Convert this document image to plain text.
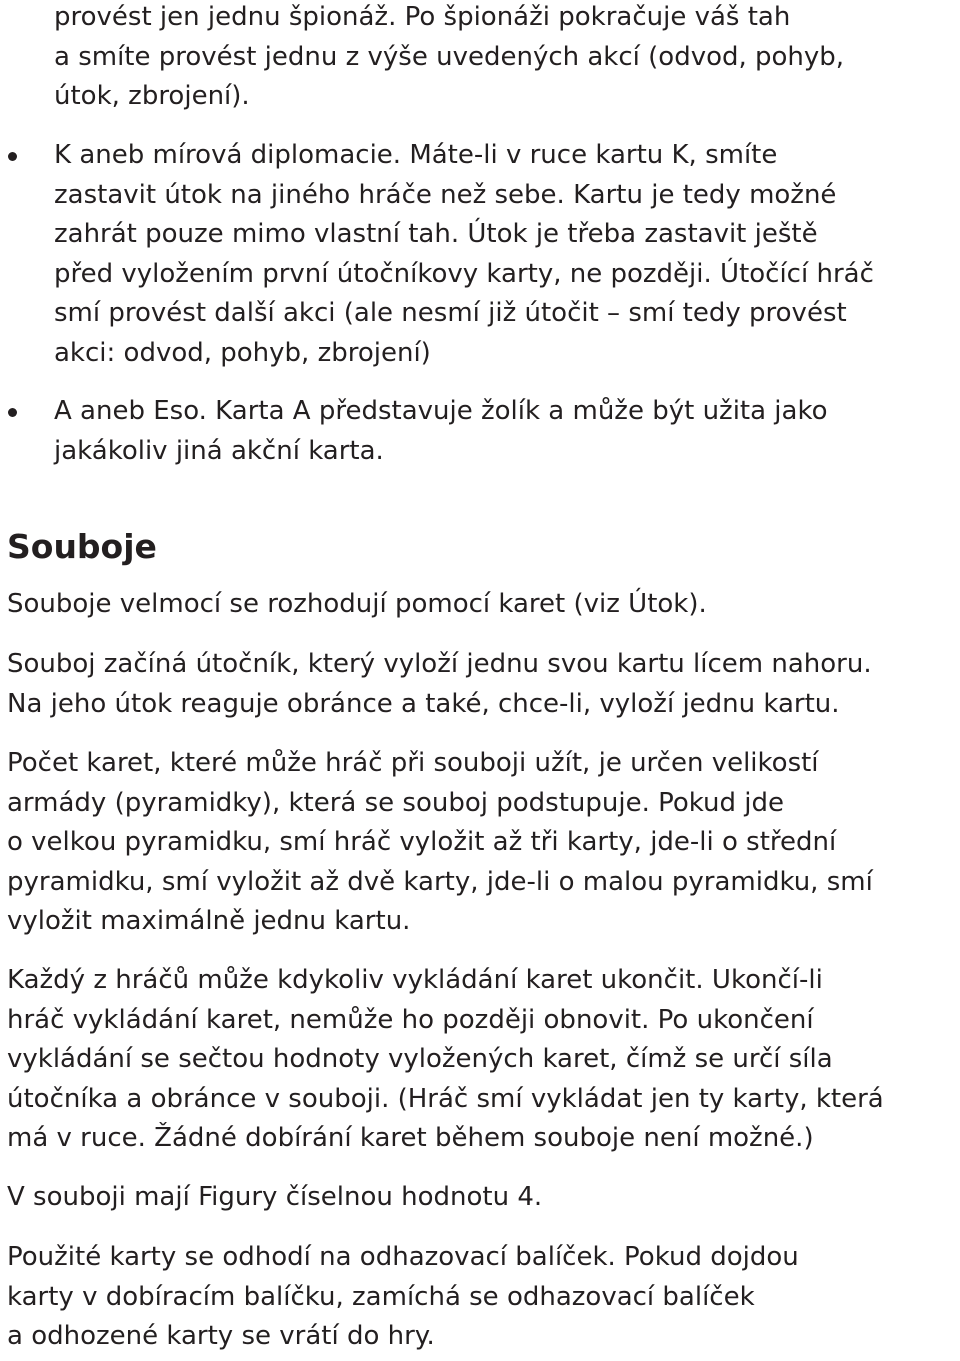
provést jen jednu špionáž. Po špionáži pokračuje váš tah
a smíte provést jednu z výše uvedených akcí (odvod, pohyb,
útok, zbrojení).
K aneb mírová diplomacie. Máte-li v ruce kartu K, smíte
zastavit útok na jiného hráče než sebe. Kartu je tedy možné
zahrát pouze mimo vlastní tah. Útok je třeba zastavit ještě
před vyložením první útočníkovy karty, ne později. Útočící hráč
smí provést další akci (ale nesmí již útočit – smí tedy provést
akci: odvod, pohyb, zbrojení)
A aneb Eso. Karta A představuje žolík a může být užita jako
jakákoliv jiná akční karta.
Souboje

Souboje velmocí se rozhodují pomocí karet (viz Útok).

Souboj začíná útočník, který vyloží jednu svou kartu lícem nahoru.
Na jeho útok reaguje obránce a také, chce-li, vyloží jednu kartu.

Počet karet, které může hráč při souboji užít, je určen velikostí
armády (pyramidky), která se souboj podstupuje. Pokud jde
o velkou pyramidku, smí hráč vyložit až tři karty, jde-li o střední
pyramidku, smí vyložit až dvě karty, jde-li o malou pyramidku, smí
vyložit maximálně jednu kartu.

Každý z hráčů může kdykoliv vykládání karet ukončit. Ukončí-li
hráč vykládání karet, nemůže ho později obnovit. Po ukončení
vykládání se sečtou hodnoty vyložených karet, čímž se určí síla
útočníka a obránce v souboji. (Hráč smí vykládat jen ty karty, která
má v ruce. Žádné dobírání karet během souboje není možné.)

V souboji mají Figury číselnou hodnotu 4.

Použité karty se odhodí na odhazovací balíček. Pokud dojdou
karty v dobíracím balíčku, zamíchá se odhazovací balíček
a odhozené karty se vrátí do hry.
